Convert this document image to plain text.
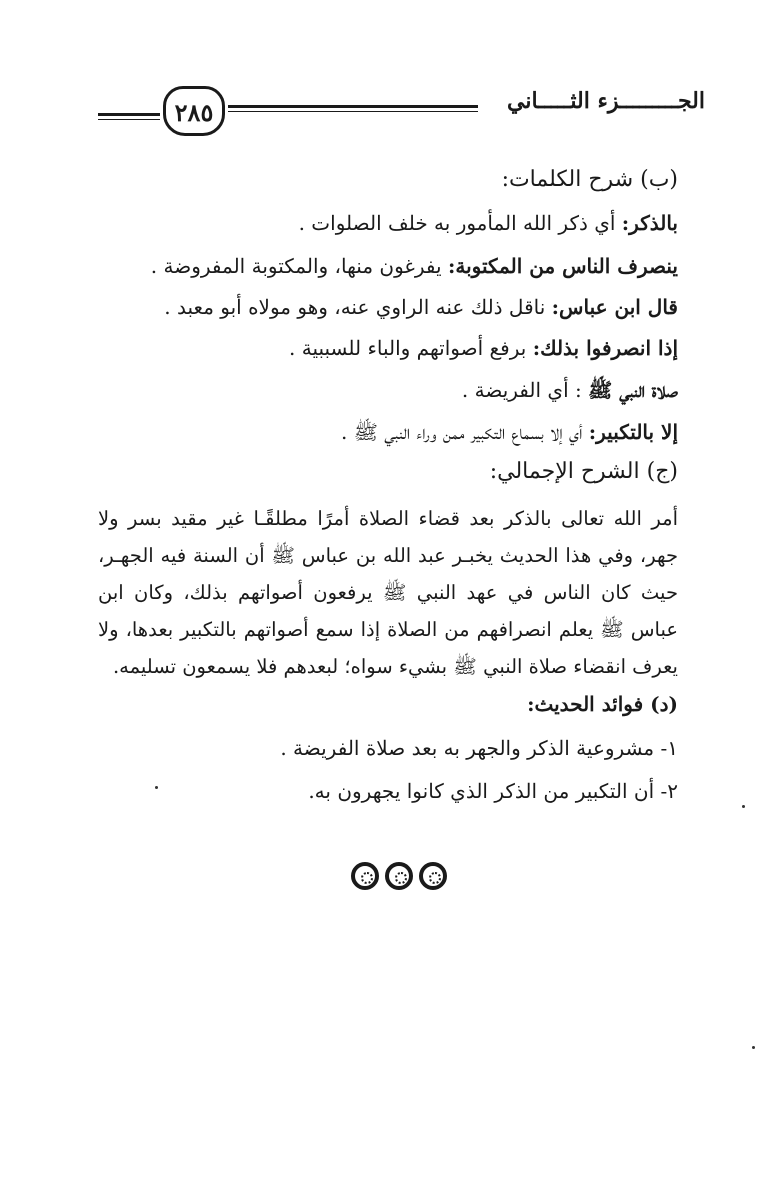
الجـــــــــزء الثـــــاني
٢٨٥
(ب) شرح الكلمات:
بالذكر: أي ذكر الله المأمور به خلف الصلوات .
ينصرف الناس من المكتوبة: يفرغون منها، والمكتوبة المفروضة .
قال ابن عباس: ناقل ذلك عنه الراوي عنه، وهو مولاه أبو معبد .
إذا انصرفوا بذلك: برفع أصواتهم والباء للسببية .
صلاة النبي ﷺ : أي الفريضة .
إلا بالتكبير: أي إلا بسماع التكبير ممن وراء النبي ﷺ .
(ج) الشرح الإجمالي:
أمر الله تعالى بالذكر بعد قضاء الصلاة أمرًا مطلقًـا غير مقيد بسر ولا جهر، وفي هذا الحديث يخبـر عبد الله بن عباس ﷺ أن السنة فيه الجهـر، حيث كان الناس في عهد النبي ﷺ يرفعون أصواتهم بذلك، وكان ابن عباس ﷺ يعلم انصرافهم من الصلاة إذا سمع أصواتهم بالتكبير بعدها، ولا يعرف انقضاء صلاة النبي ﷺ بشيء سواه؛ لبعدهم فلا يسمعون تسليمه.
(د) فوائد الحديث:
١- مشروعية الذكر والجهر به بعد صلاة الفريضة .
٢- أن التكبير من الذكر الذي كانوا يجهرون به.
